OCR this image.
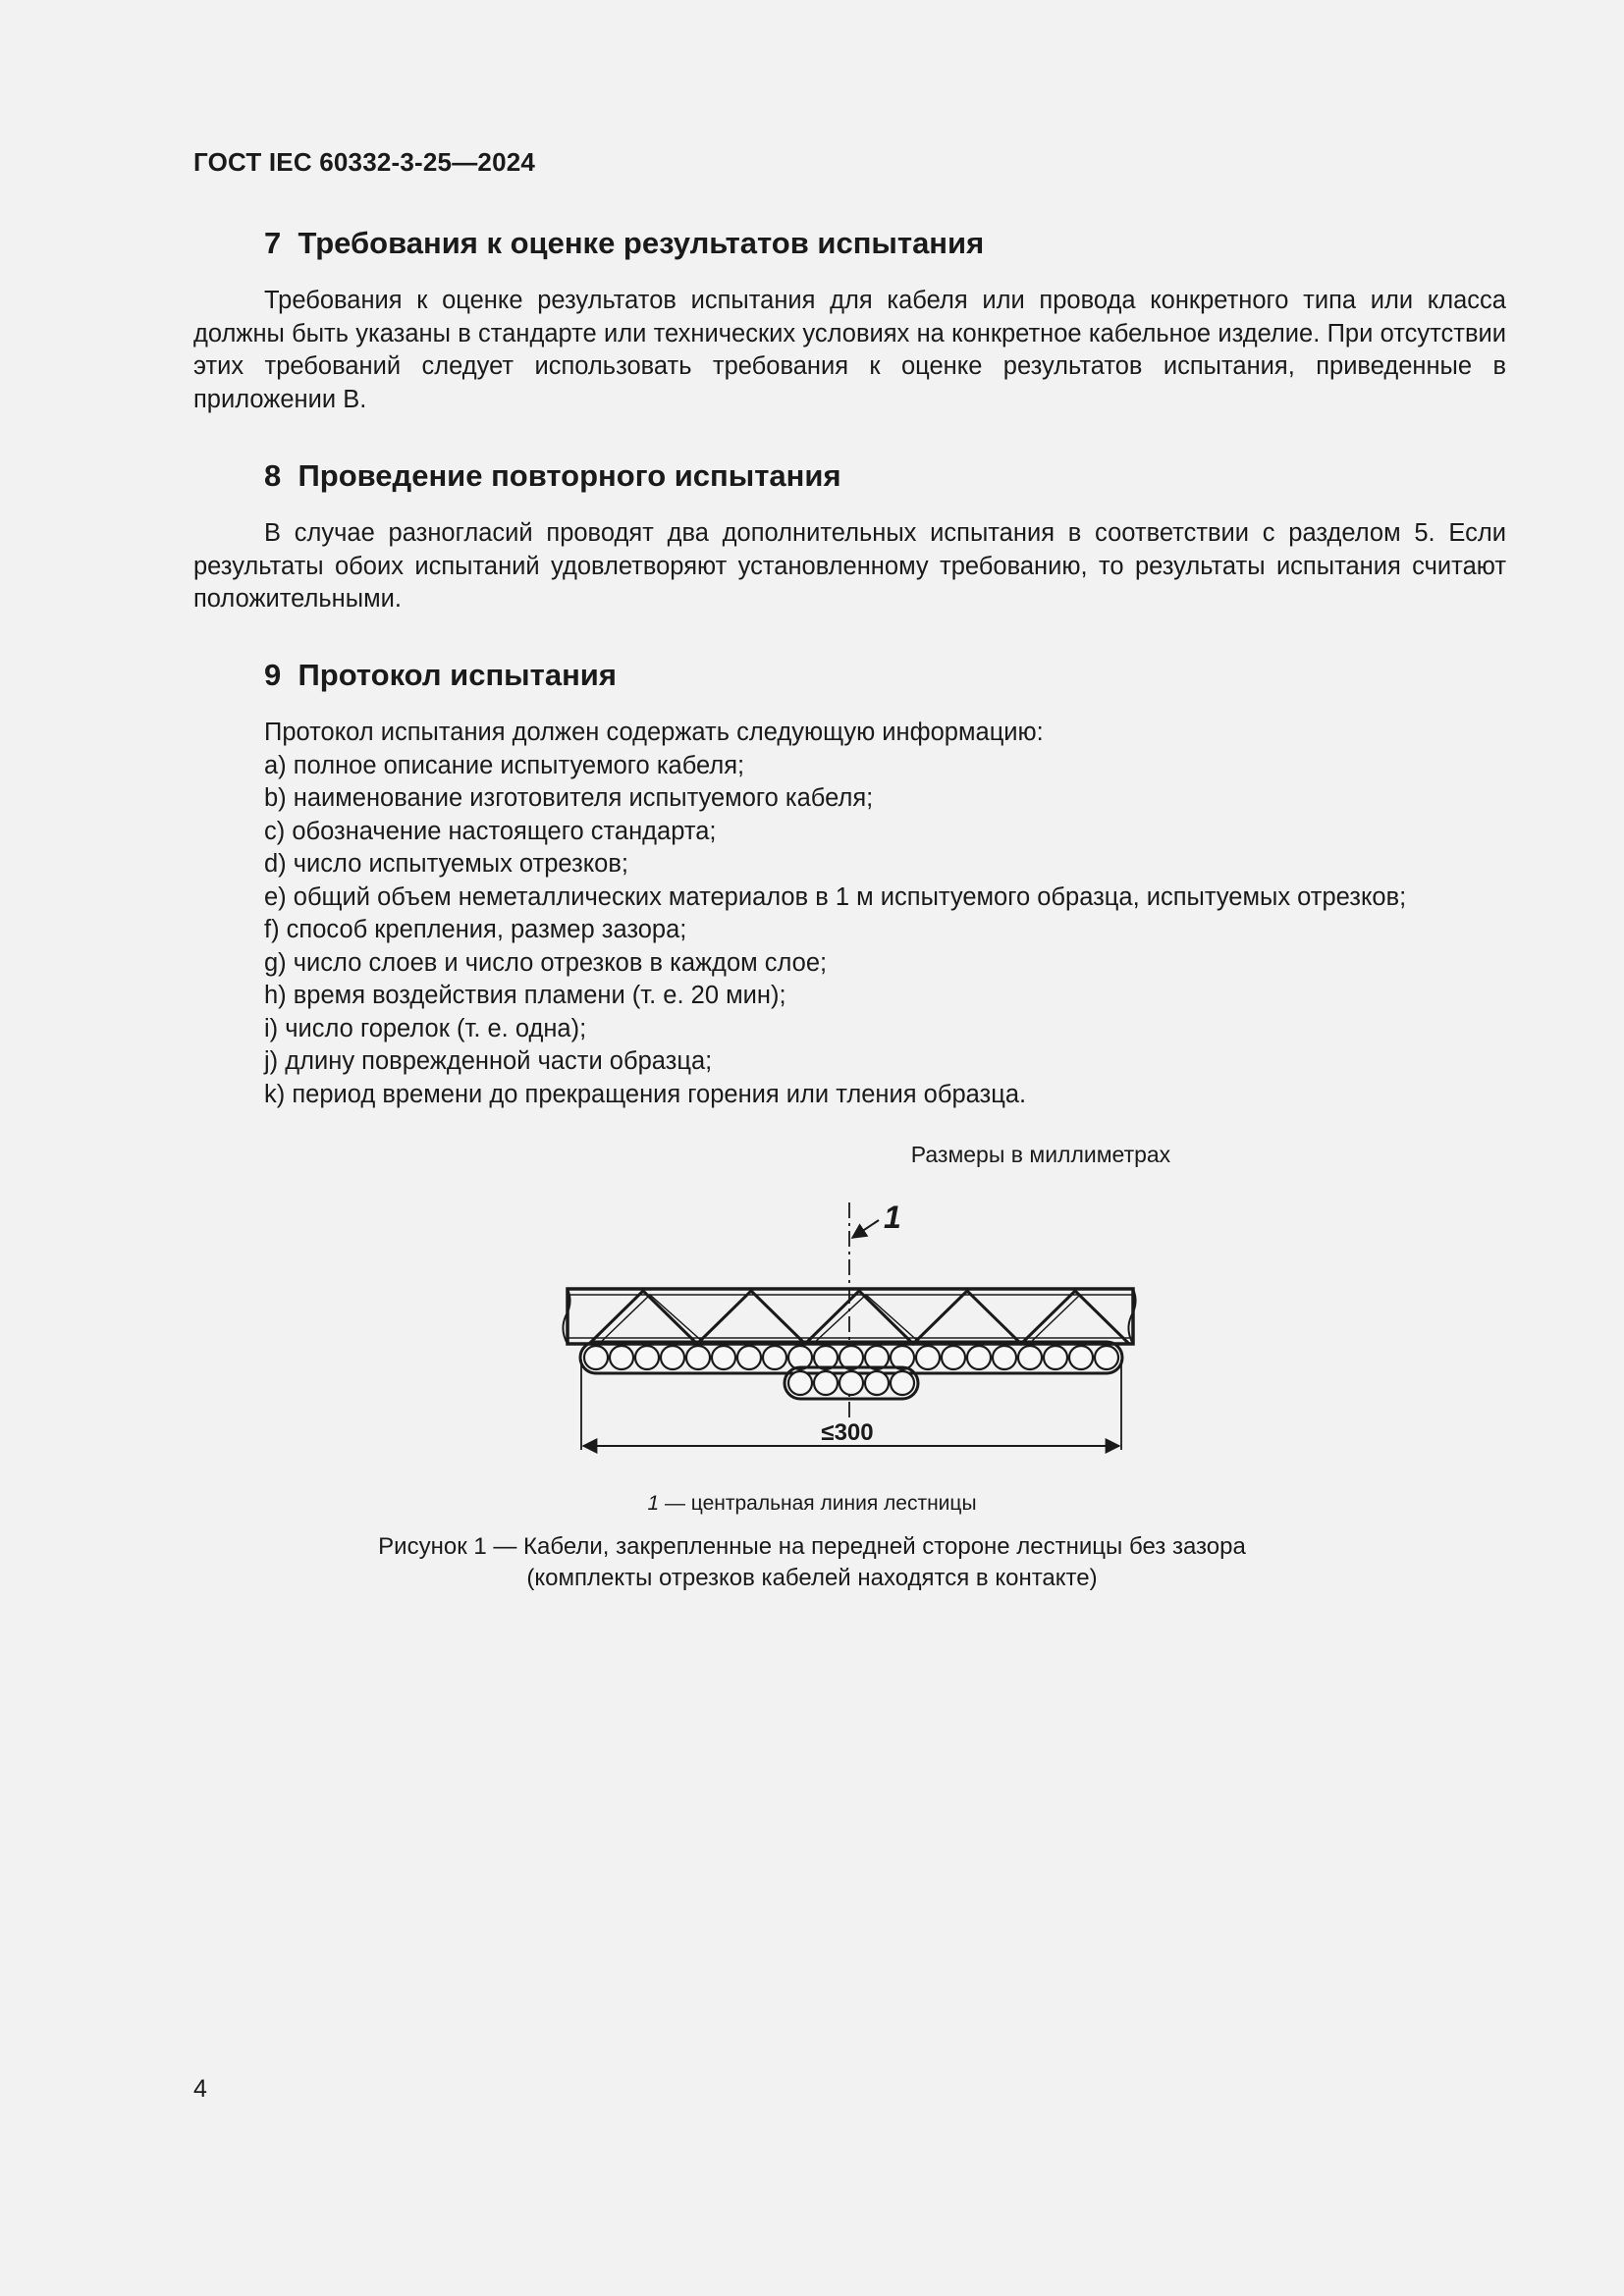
ГОСТ IEC 60332-3-25—2024
7 Требования к оценке результатов испытания

Требования к оценке результатов испытания для кабеля или провода конкретного типа или класса должны быть указаны в стандарте или технических условиях на конкретное кабельное изделие. При отсутствии этих требований следует использовать требования к оценке результатов испытания, приведенные в приложении В.

8 Проведение повторного испытания

В случае разногласий проводят два дополнительных испытания в соответствии с разделом 5. Если результаты обоих испытаний удовлетворяют установленному требованию, то результаты испытания считают положительными.

9 Протокол испытания

Протокол испытания должен содержать следующую информацию:

a) полное описание испытуемого кабеля;
b) наименование изготовителя испытуемого кабеля;
c) обозначение настоящего стандарта;
d) число испытуемых отрезков;
e) общий объем неметаллических материалов в 1 м испытуемого образца, испытуемых отрезков;
f) способ крепления, размер зазора;
g) число слоев и число отрезков в каждом слое;
h) время воздействия пламени (т. е. 20 мин);
i) число горелок (т. е. одна);
j) длину поврежденной части образца;
k) период времени до прекращения горения или тления образца.
Размеры в миллиметрах
1
≤300
1 — центральная линия лестницы
Рисунок 1 — Кабели, закрепленные на передней стороне лестницы без зазора
(комплекты отрезков кабелей находятся в контакте)
4
